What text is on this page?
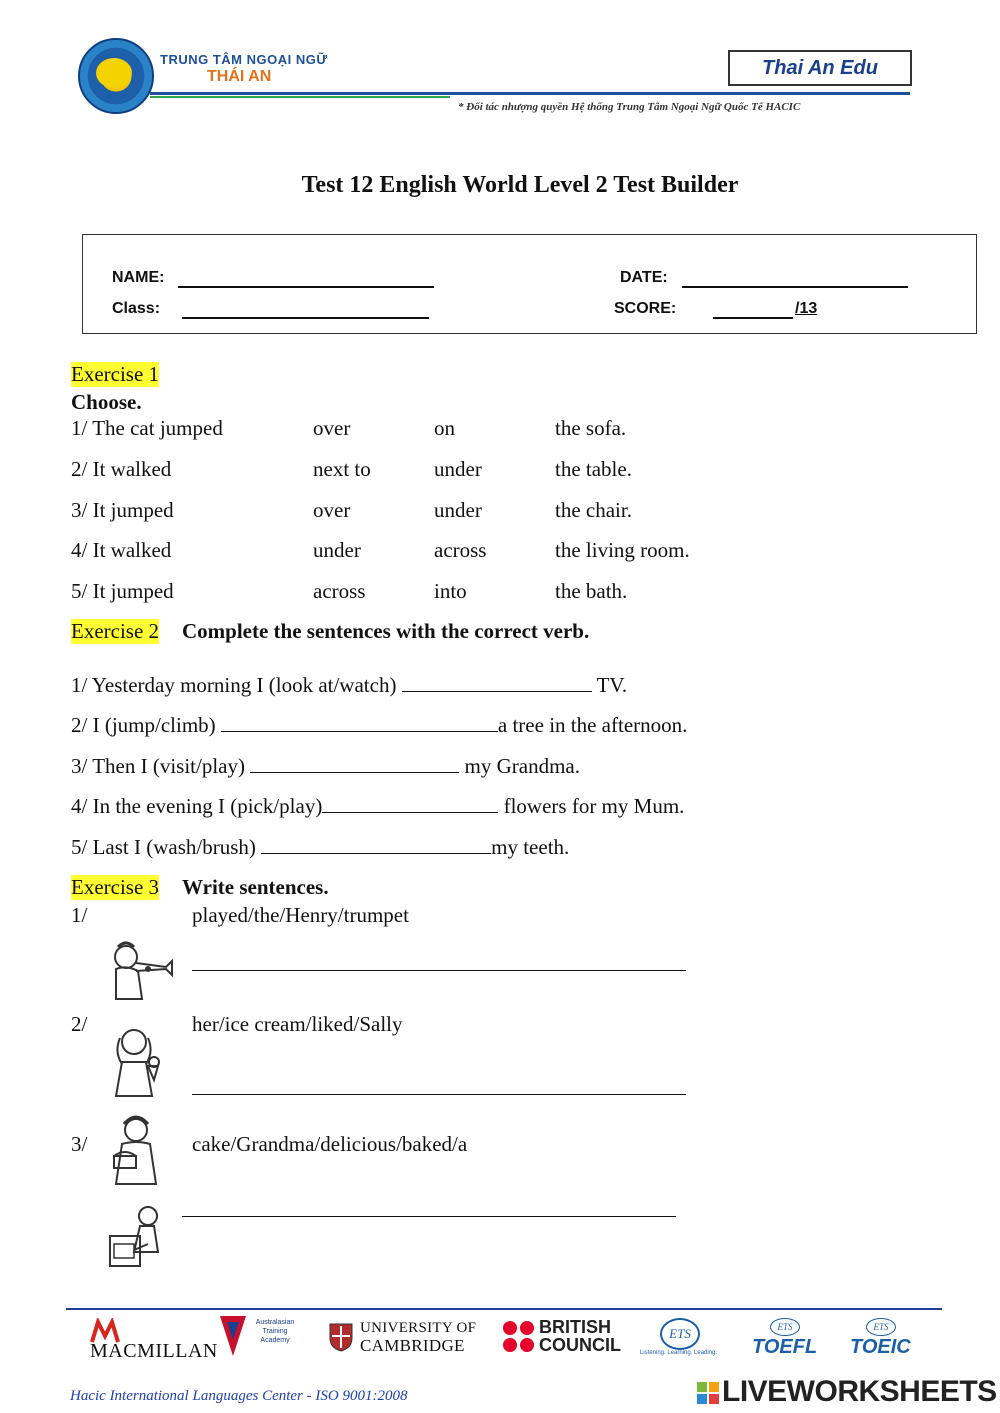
TRUNG TÂM NGOẠI NGỮ
THÁI AN	Thai An Edu
* Đối tác nhượng quyền Hệ thống Trung Tâm Ngoại Ngữ Quốc Tế HACIC
Test 12 English World Level 2 Test Builder
NAME:	DATE:
Class:	SCORE:	/13
Exercise 1
Choose.
1/ The cat jumped	over	on	the sofa.
2/ It walked	next to	under	the table.
3/ It jumped	over	under	the chair.
4/ It walked	under	across	the living room.
5/ It jumped	across	into	the bath.
Exercise 2 Complete the sentences with the correct verb.
1/ Yesterday morning I (look at/watch)	TV.
2/ I (jump/climb)	a tree in the afternoon.
3/ Then I (visit/play)	my Grandma.
4/ In the evening I (pick/play)	flowers for my Mum.
5/ Last I (wash/brush)	my teeth.
Exercise 3 Write sentences.
1/	played/the/Henry/trumpet
2/	her/ice cream/liked/Sally
3/	cake/Grandma/delicious/baked/a
MACMILLAN
Australasian Training Academy
UNIVERSITY OF
CAMBRIDGE
BRITISH
COUNCIL
ETS
Listening. Learning. Leading.
ETS
TOEFL
ETS
TOEIC
Hacic International Languages Center - ISO 9001:2008	LIVEWORKSHEETS
